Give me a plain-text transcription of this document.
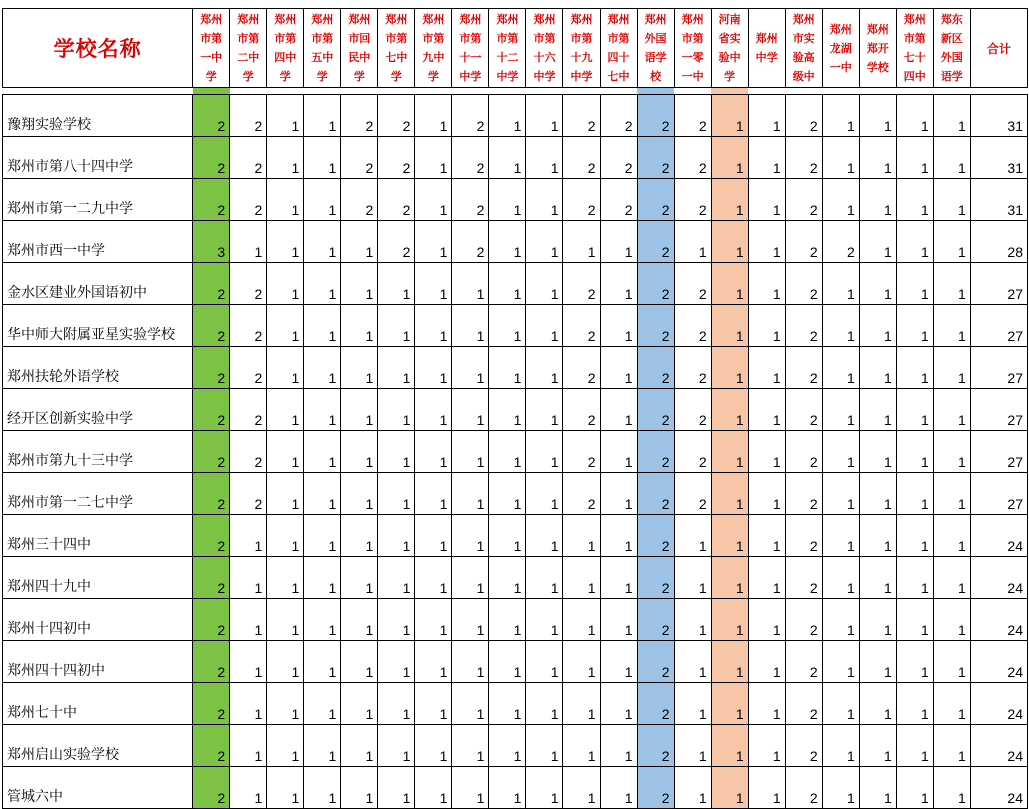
学校名称	郑州
市第
一中
学	郑州
市第
二中
学	郑州
市第
四中
学	郑州
市第
五中
学	郑州
市回
民中
学	郑州
市第
七中
学	郑州
市第
九中
学	郑州
市第
十一
中学	郑州
市第
十二
中学	郑州
市第
十六
中学	郑州
市第
十九
中学	郑州
市第
四十
七中	郑州
外国
语学
校	郑州
市第
一零
一中	河南
省实
验中
学	郑州
中学	郑州
市实
验高
级中	郑州
龙湖
一中	郑州
郑开
学校	郑州
市第
七十
四中	郑东
新区
外国
语学	合计

豫翔实验学校	2	2	1	1	2	2	1	2	1	1	2	2	2	2	1	1	2	1	1	1	1	31
郑州市第八十四中学	2	2	1	1	2	2	1	2	1	1	2	2	2	2	1	1	2	1	1	1	1	31
郑州市第一二九中学	2	2	1	1	2	2	1	2	1	1	2	2	2	2	1	1	2	1	1	1	1	31
郑州市西一中学	3	1	1	1	1	2	1	2	1	1	1	1	2	1	1	1	2	2	1	1	1	28
金水区建业外国语初中	2	2	1	1	1	1	1	1	1	1	2	1	2	2	1	1	2	1	1	1	1	27
华中师大附属亚星实验学校	2	2	1	1	1	1	1	1	1	1	2	1	2	2	1	1	2	1	1	1	1	27
郑州扶轮外语学校	2	2	1	1	1	1	1	1	1	1	2	1	2	2	1	1	2	1	1	1	1	27
经开区创新实验中学	2	2	1	1	1	1	1	1	1	1	2	1	2	2	1	1	2	1	1	1	1	27
郑州市第九十三中学	2	2	1	1	1	1	1	1	1	1	2	1	2	2	1	1	2	1	1	1	1	27
郑州市第一二七中学	2	2	1	1	1	1	1	1	1	1	2	1	2	2	1	1	2	1	1	1	1	27
郑州三十四中	2	1	1	1	1	1	1	1	1	1	1	1	2	1	1	1	2	1	1	1	1	24
郑州四十九中	2	1	1	1	1	1	1	1	1	1	1	1	2	1	1	1	2	1	1	1	1	24
郑州十四初中	2	1	1	1	1	1	1	1	1	1	1	1	2	1	1	1	2	1	1	1	1	24
郑州四十四初中	2	1	1	1	1	1	1	1	1	1	1	1	2	1	1	1	2	1	1	1	1	24
郑州七十中	2	1	1	1	1	1	1	1	1	1	1	1	2	1	1	1	2	1	1	1	1	24
郑州启山实验学校	2	1	1	1	1	1	1	1	1	1	1	1	2	1	1	1	2	1	1	1	1	24
管城六中	2	1	1	1	1	1	1	1	1	1	1	1	2	1	1	1	2	1	1	1	1	24
